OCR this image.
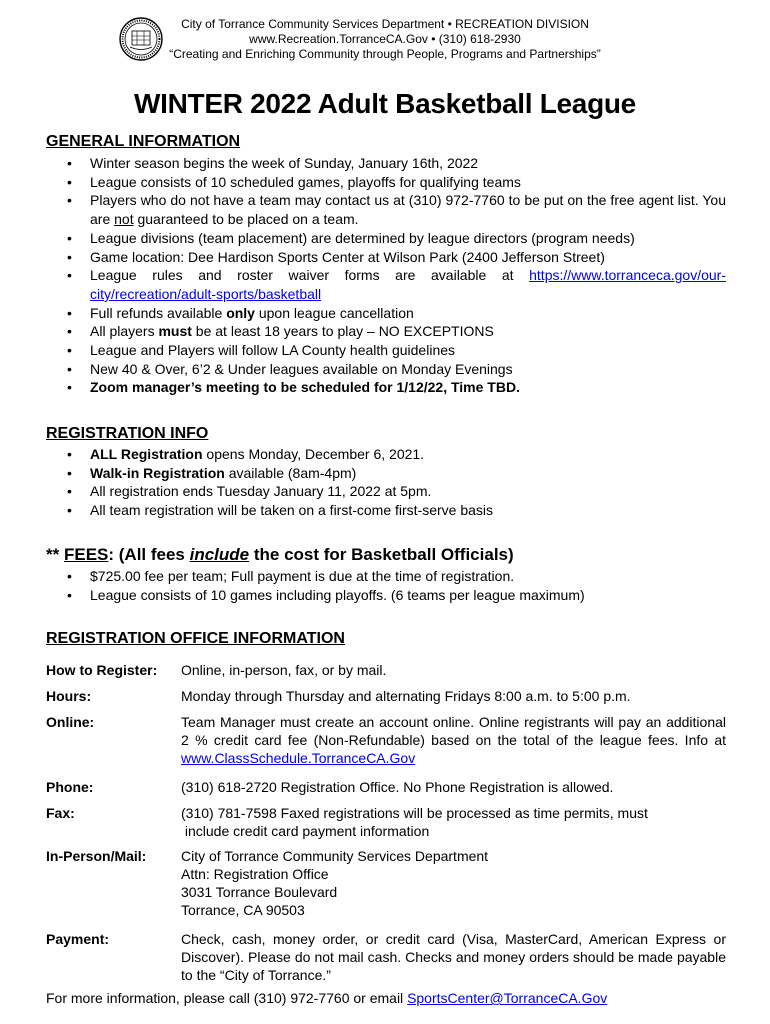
City of Torrance Community Services Department • RECREATION DIVISION
www.Recreation.TorranceCA.Gov • (310) 618-2930
“Creating and Enriching Community through People, Programs and Partnerships”
WINTER 2022 Adult Basketball League
GENERAL INFORMATION
• Winter season begins the week of Sunday, January 16th, 2022
• League consists of 10 scheduled games, playoffs for qualifying teams
• Players who do not have a team may contact us at (310) 972-7760 to be put on the free agent list. You are not guaranteed to be placed on a team.
• League divisions (team placement) are determined by league directors (program needs)
• Game location: Dee Hardison Sports Center at Wilson Park (2400 Jefferson Street)
• League rules and roster waiver forms are available at https://www.torranceca.gov/our-city/recreation/adult-sports/basketball
• Full refunds available only upon league cancellation
• All players must be at least 18 years to play – NO EXCEPTIONS
• League and Players will follow LA County health guidelines
• New 40 & Over, 6’2 & Under leagues available on Monday Evenings
• Zoom manager’s meeting to be scheduled for 1/12/22, Time TBD.
REGISTRATION INFO
• ALL Registration opens Monday, December 6, 2021.
• Walk-in Registration available (8am-4pm)
• All registration ends Tuesday January 11, 2022 at 5pm.
• All team registration will be taken on a first-come first-serve basis
** FEES: (All fees include the cost for Basketball Officials)
• $725.00 fee per team; Full payment is due at the time of registration.
• League consists of 10 games including playoffs. (6 teams per league maximum)
REGISTRATION OFFICE INFORMATION
How to Register:	Online, in-person, fax, or by mail.
Hours:	Monday through Thursday and alternating Fridays 8:00 a.m. to 5:00 p.m.
Online:	Team Manager must create an account online. Online registrants will pay an additional 2 % credit card fee (Non-Refundable) based on the total of the league fees. Info at www.ClassSchedule.TorranceCA.Gov
Phone:	(310) 618-2720 Registration Office. No Phone Registration is allowed.
Fax:	(310) 781-7598 Faxed registrations will be processed as time permits, must
include credit card payment information
In-Person/Mail:	City of Torrance Community Services Department
Attn: Registration Office
3031 Torrance Boulevard
Torrance, CA 90503
Payment:	Check, cash, money order, or credit card (Visa, MasterCard, American Express or Discover). Please do not mail cash. Checks and money orders should be made payable to the “City of Torrance.”
For more information, please call (310) 972-7760 or email SportsCenter@TorranceCA.Gov
